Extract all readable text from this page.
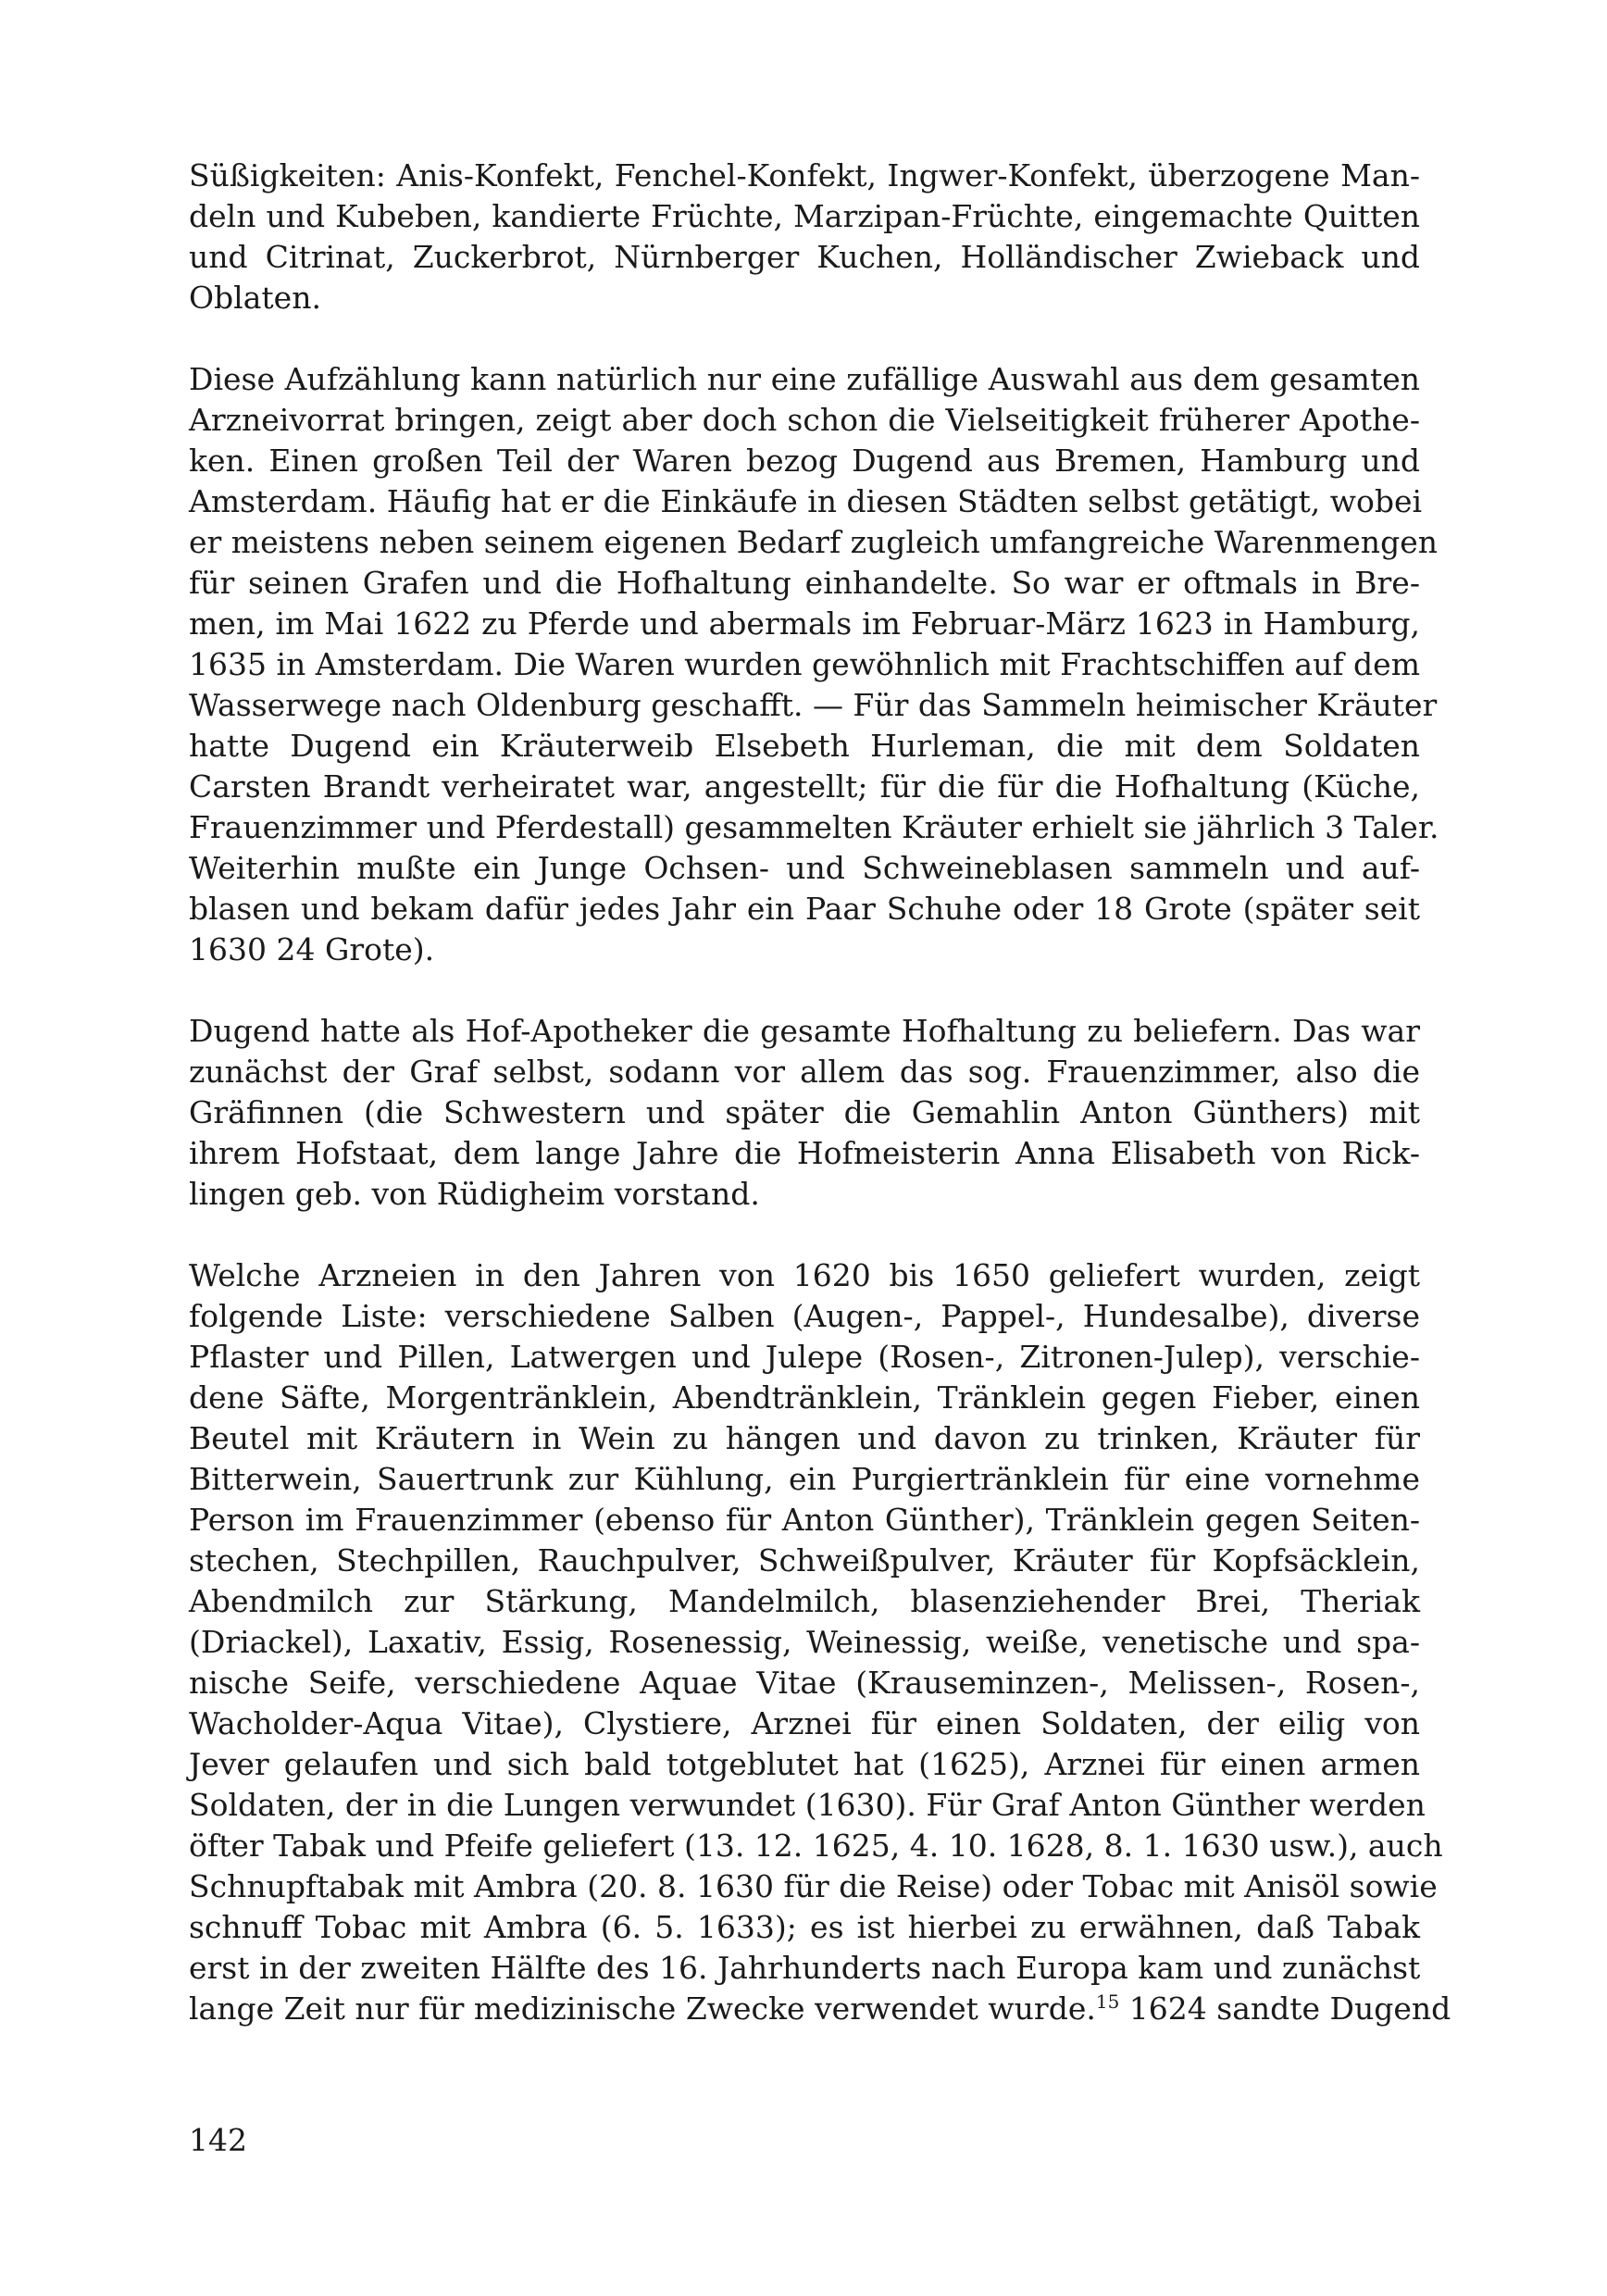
Süßigkeiten: Anis-Konfekt, Fenchel-Konfekt, Ingwer-Konfekt, überzogene Man-
deln und Kubeben, kandierte Früchte, Marzipan-Früchte, eingemachte Quitten
und Citrinat, Zuckerbrot, Nürnberger Kuchen, Holländischer Zwieback und
Oblaten.

Diese Aufzählung kann natürlich nur eine zufällige Auswahl aus dem gesamten
Arzneivorrat bringen, zeigt aber doch schon die Vielseitigkeit früherer Apothe-
ken. Einen großen Teil der Waren bezog Dugend aus Bremen, Hamburg und
Amsterdam. Häufig hat er die Einkäufe in diesen Städten selbst getätigt, wobei
er meistens neben seinem eigenen Bedarf zugleich umfangreiche Warenmengen
für seinen Grafen und die Hofhaltung einhandelte. So war er oftmals in Bre-
men, im Mai 1622 zu Pferde und abermals im Februar-März 1623 in Hamburg,
1635 in Amsterdam. Die Waren wurden gewöhnlich mit Frachtschiffen auf dem
Wasserwege nach Oldenburg geschafft. — Für das Sammeln heimischer Kräuter
hatte Dugend ein Kräuterweib Elsebeth Hurleman, die mit dem Soldaten
Carsten Brandt verheiratet war, angestellt; für die für die Hofhaltung (Küche,
Frauenzimmer und Pferdestall) gesammelten Kräuter erhielt sie jährlich 3 Taler.
Weiterhin mußte ein Junge Ochsen- und Schweineblasen sammeln und auf-
blasen und bekam dafür jedes Jahr ein Paar Schuhe oder 18 Grote (später seit
1630 24 Grote).

Dugend hatte als Hof-Apotheker die gesamte Hofhaltung zu beliefern. Das war
zunächst der Graf selbst, sodann vor allem das sog. Frauenzimmer, also die
Gräfinnen (die Schwestern und später die Gemahlin Anton Günthers) mit
ihrem Hofstaat, dem lange Jahre die Hofmeisterin Anna Elisabeth von Rick-
lingen geb. von Rüdigheim vorstand.

Welche Arzneien in den Jahren von 1620 bis 1650 geliefert wurden, zeigt
folgende Liste: verschiedene Salben (Augen-, Pappel-, Hundesalbe), diverse
Pflaster und Pillen, Latwergen und Julepe (Rosen-, Zitronen-Julep), verschie-
dene Säfte, Morgentränklein, Abendtränklein, Tränklein gegen Fieber, einen
Beutel mit Kräutern in Wein zu hängen und davon zu trinken, Kräuter für
Bitterwein, Sauertrunk zur Kühlung, ein Purgiertränklein für eine vornehme
Person im Frauenzimmer (ebenso für Anton Günther), Tränklein gegen Seiten-
stechen, Stechpillen, Rauchpulver, Schweißpulver, Kräuter für Kopfsäcklein,
Abendmilch zur Stärkung, Mandelmilch, blasenziehender Brei, Theriak
(Driackel), Laxativ, Essig, Rosenessig, Weinessig, weiße, venetische und spa-
nische Seife, verschiedene Aquae Vitae (Krauseminzen-, Melissen-, Rosen-,
Wacholder-Aqua Vitae), Clystiere, Arznei für einen Soldaten, der eilig von
Jever gelaufen und sich bald totgeblutet hat (1625), Arznei für einen armen
Soldaten, der in die Lungen verwundet (1630). Für Graf Anton Günther werden
öfter Tabak und Pfeife geliefert (13. 12. 1625, 4. 10. 1628, 8. 1. 1630 usw.), auch
Schnupftabak mit Ambra (20. 8. 1630 für die Reise) oder Tobac mit Anisöl sowie
schnuff Tobac mit Ambra (6. 5. 1633); es ist hierbei zu erwähnen, daß Tabak
erst in der zweiten Hälfte des 16. Jahrhunderts nach Europa kam und zunächst
lange Zeit nur für medizinische Zwecke verwendet wurde.$^{15}$ 1624 sandte Dugend

142
